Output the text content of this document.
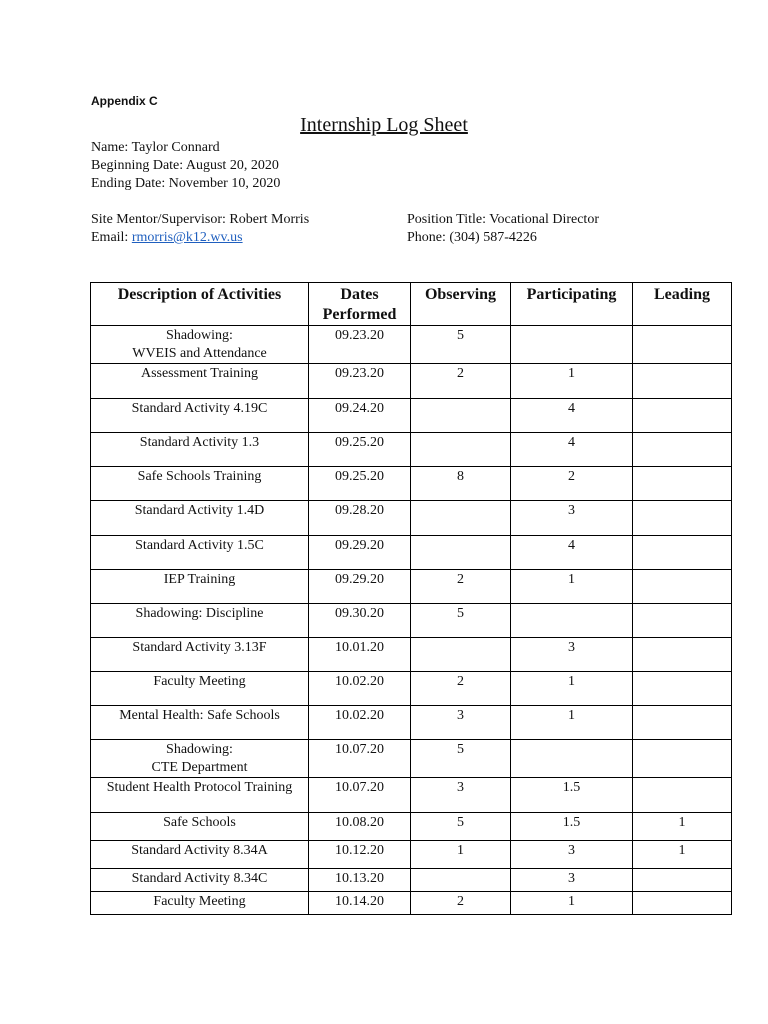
Appendix C
Internship Log Sheet
Name: Taylor Connard
Beginning Date: August 20, 2020
Ending Date: November 10, 2020
Site Mentor/Supervisor: Robert Morris	Position Title: Vocational Director
Email: rmorris@k12.wv.us	Phone: (304) 587-4226
Description of Activities	Dates Performed	Observing	Participating	Leading
Shadowing:
WVEIS and Attendance	09.23.20	5		
Assessment Training	09.23.20	2	1	
Standard Activity 4.19C	09.24.20		4	
Standard Activity 1.3	09.25.20		4	
Safe Schools Training	09.25.20	8	2	
Standard Activity 1.4D	09.28.20		3	
Standard Activity 1.5C	09.29.20		4	
IEP Training	09.29.20	2	1	
Shadowing: Discipline	09.30.20	5		
Standard Activity 3.13F	10.01.20		3	
Faculty Meeting	10.02.20	2	1	
Mental Health: Safe Schools	10.02.20	3	1	
Shadowing:
CTE Department	10.07.20	5		
Student Health Protocol Training	10.07.20	3	1.5	
Safe Schools	10.08.20	5	1.5	1
Standard Activity 8.34A	10.12.20	1	3	1
Standard Activity 8.34C	10.13.20		3	
Faculty Meeting	10.14.20	2	1	
